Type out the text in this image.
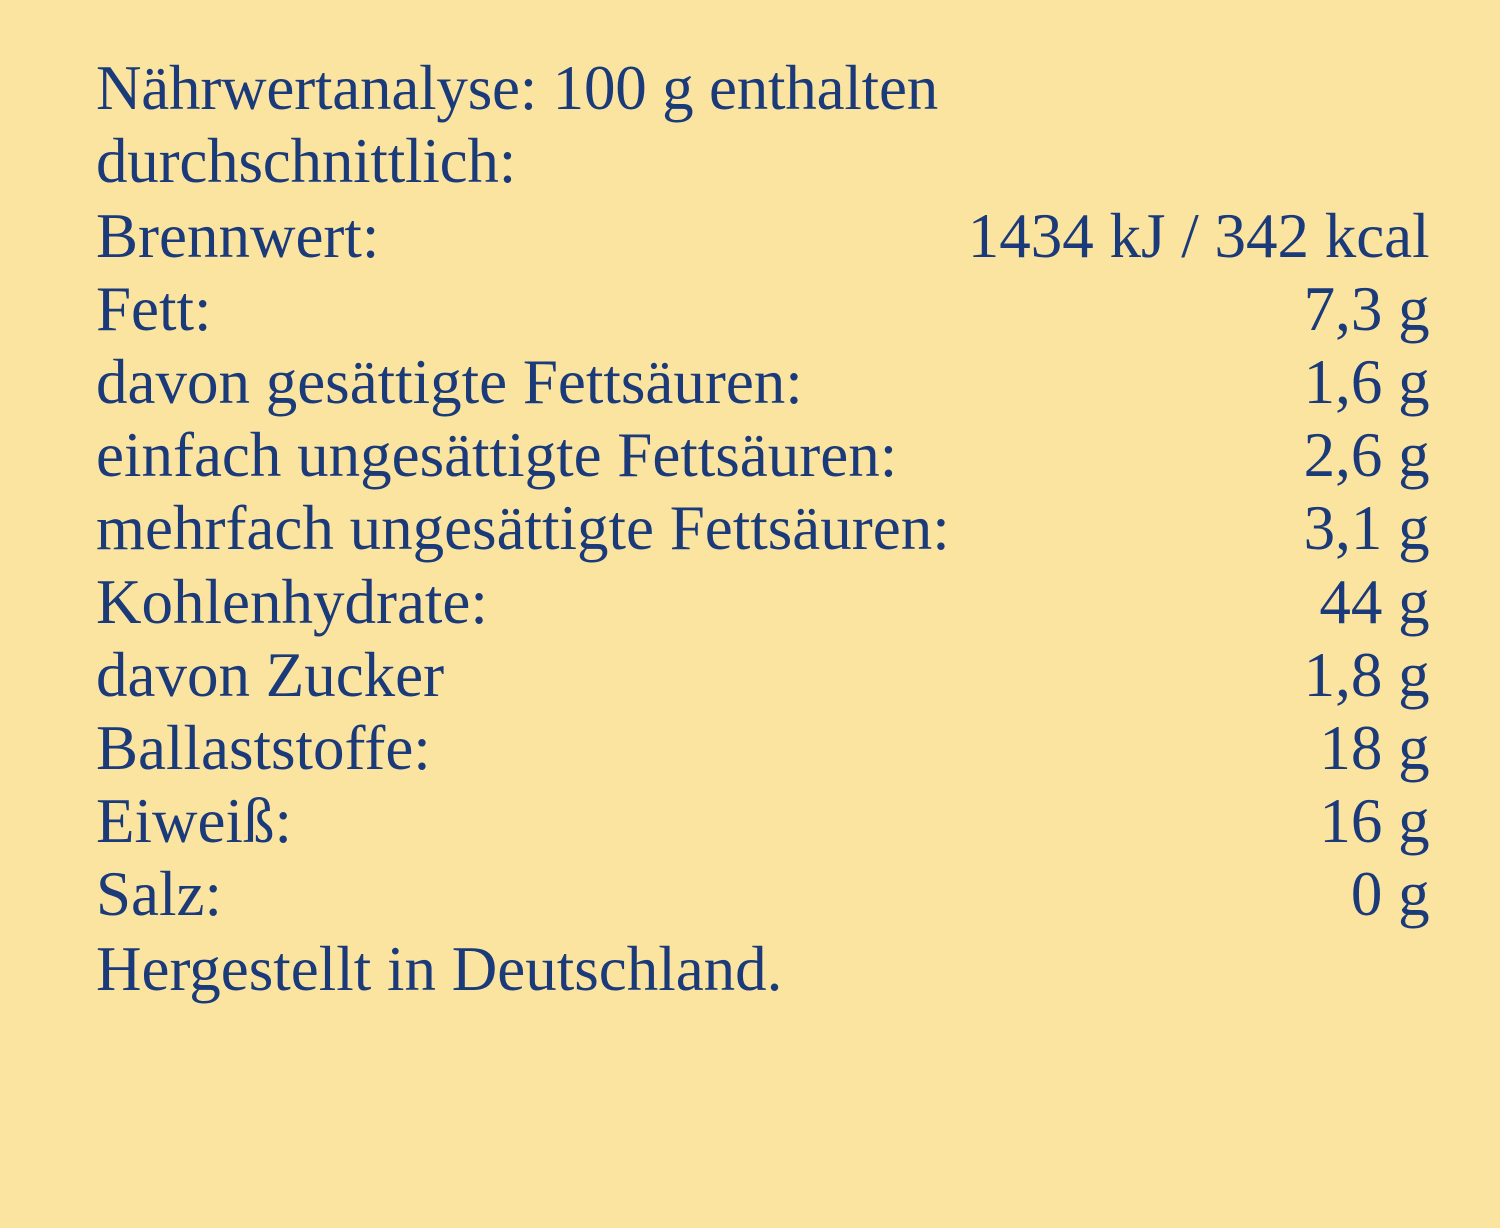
Nährwertanalyse: 100 g enthalten durchschnittlich:
Brennwert:	1434 kJ / 342 kcal
Fett:	7,3 g
davon gesättigte Fettsäuren:	1,6 g
einfach ungesättigte Fettsäuren:	2,6 g
mehrfach ungesättigte Fettsäuren:	3,1 g
Kohlenhydrate:	44 g
davon Zucker	1,8 g
Ballaststoffe:	18 g
Eiweiß:	16 g
Salz:	0 g
Hergestellt in Deutschland.
